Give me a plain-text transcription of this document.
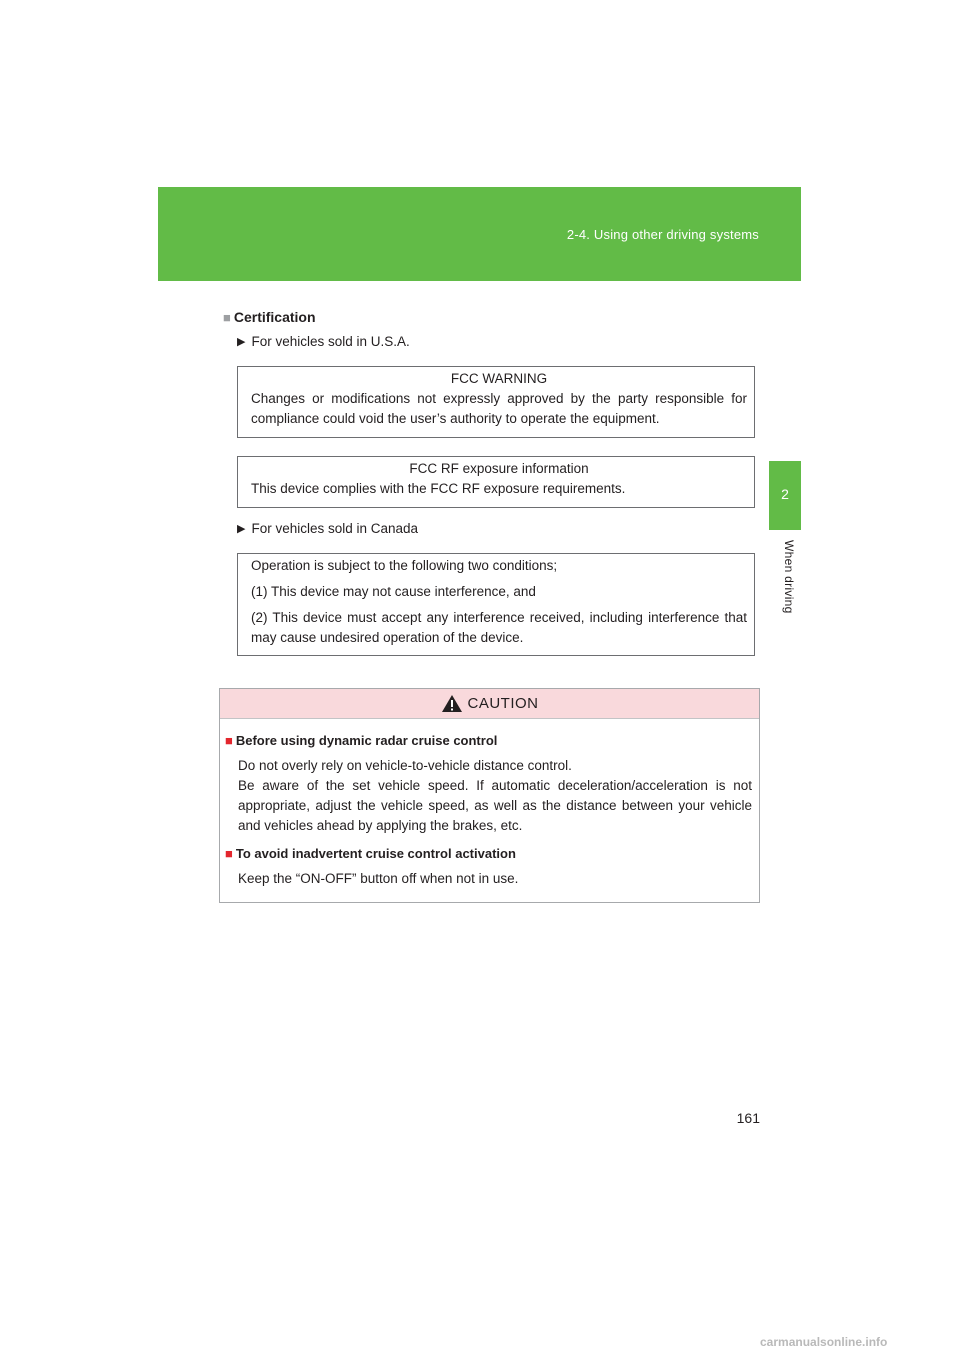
2-4. Using other driving systems
2
When driving
■ Certification
▶ For vehicles sold in U.S.A.
FCC WARNING
Changes or modifications not expressly approved by the party responsible for compliance could void the user’s authority to operate the equipment.
FCC RF exposure information
This device complies with the FCC RF exposure requirements.
▶ For vehicles sold in Canada
Operation is subject to the following two conditions;
(1) This device may not cause interference, and
(2) This device must accept any interference received, including interference that may cause undesired operation of the device.
CAUTION
■ Before using dynamic radar cruise control
Do not overly rely on vehicle-to-vehicle distance control.
Be aware of the set vehicle speed. If automatic deceleration/acceleration is not appropriate, adjust the vehicle speed, as well as the distance between your vehicle and vehicles ahead by applying the brakes, etc.
■ To avoid inadvertent cruise control activation
Keep the “ON-OFF” button off when not in use.
161
carmanualsonline.info
